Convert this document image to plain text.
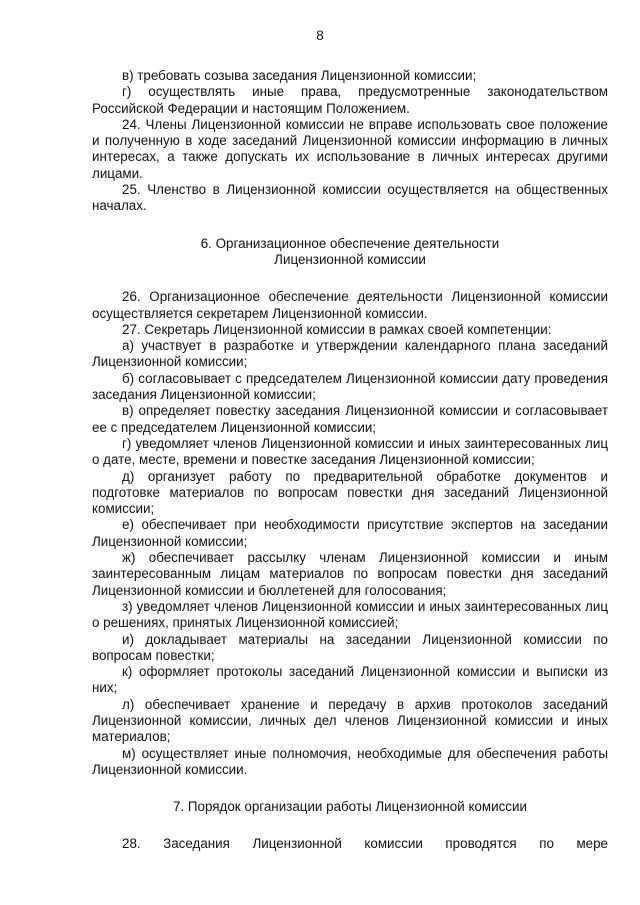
8

в) требовать созыва заседания Лицензионной комиссии;

г) осуществлять иные права, предусмотренные законодательством Российской Федерации и настоящим Положением.

24. Члены Лицензионной комиссии не вправе использовать свое положение и полученную в ходе заседаний Лицензионной комиссии информацию в личных интересах, а также допускать их использование в личных интересах другими лицами.

25. Членство в Лицензионной комиссии осуществляется на общественных началах.

6. Организационное обеспечение деятельности

Лицензионной комиссии

26. Организационное обеспечение деятельности Лицензионной комиссии осуществляется секретарем Лицензионной комиссии.

27. Секретарь Лицензионной комиссии в рамках своей компетенции:

а) участвует в разработке и утверждении календарного плана заседаний Лицензионной комиссии;

б) согласовывает с председателем Лицензионной комиссии дату проведения заседания Лицензионной комиссии;

в) определяет повестку заседания Лицензионной комиссии и согласовывает ее с председателем Лицензионной комиссии;

г) уведомляет членов Лицензионной комиссии и иных заинтересованных лиц о дате, месте, времени и повестке заседания Лицензионной комиссии;

д) организует работу по предварительной обработке документов и подготовке материалов по вопросам повестки дня заседаний Лицензионной комиссии;

е) обеспечивает при необходимости присутствие экспертов на заседании Лицензионной комиссии;

ж) обеспечивает рассылку членам Лицензионной комиссии и иным заинтересованным лицам материалов по вопросам повестки дня заседаний Лицензионной комиссии и бюллетеней для голосования;

з) уведомляет членов Лицензионной комиссии и иных заинтересованных лиц о решениях, принятых Лицензионной комиссией;

и) докладывает материалы на заседании Лицензионной комиссии по вопросам повестки;

к) оформляет протоколы заседаний Лицензионной комиссии и выписки из них;

л) обеспечивает хранение и передачу в архив протоколов заседаний Лицензионной комиссии, личных дел членов Лицензионной комиссии и иных материалов;

м) осуществляет иные полномочия, необходимые для обеспечения работы Лицензионной комиссии.

7. Порядок организации работы Лицензионной комиссии

28. Заседания Лицензионной комиссии проводятся по мере
